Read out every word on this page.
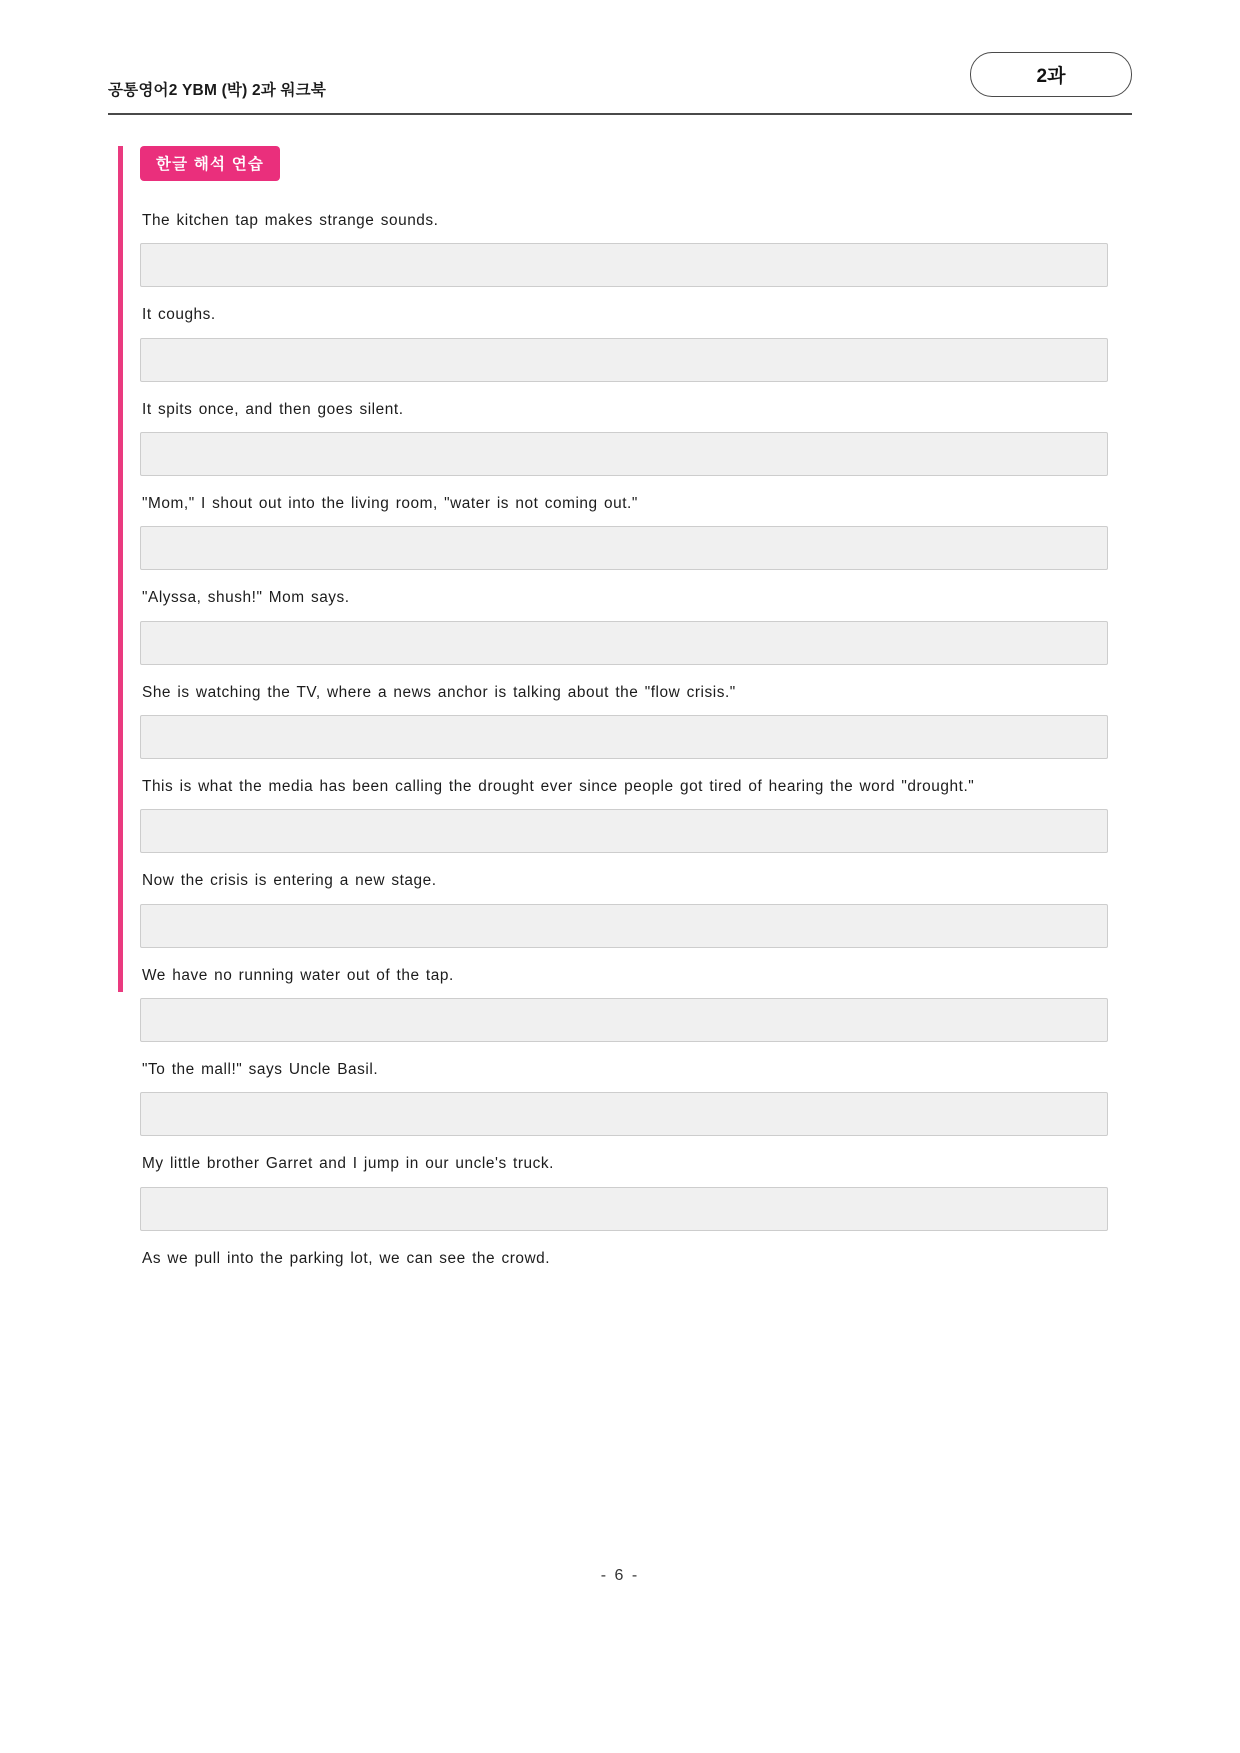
공통영어2 YBM (박) 2과 워크북
2과
한글 해석 연습
The kitchen tap makes strange sounds.
It coughs.
It spits once, and then goes silent.
"Mom," I shout out into the living room, "water is not coming out."
"Alyssa, shush!" Mom says.
She is watching the TV, where a news anchor is talking about the "flow crisis."
This is what the media has been calling the drought ever since people got tired of hearing the word "drought."
Now the crisis is entering a new stage.
We have no running water out of the tap.
"To the mall!" says Uncle Basil.
My little brother Garret and I jump in our uncle's truck.
As we pull into the parking lot, we can see the crowd.
- 6 -
